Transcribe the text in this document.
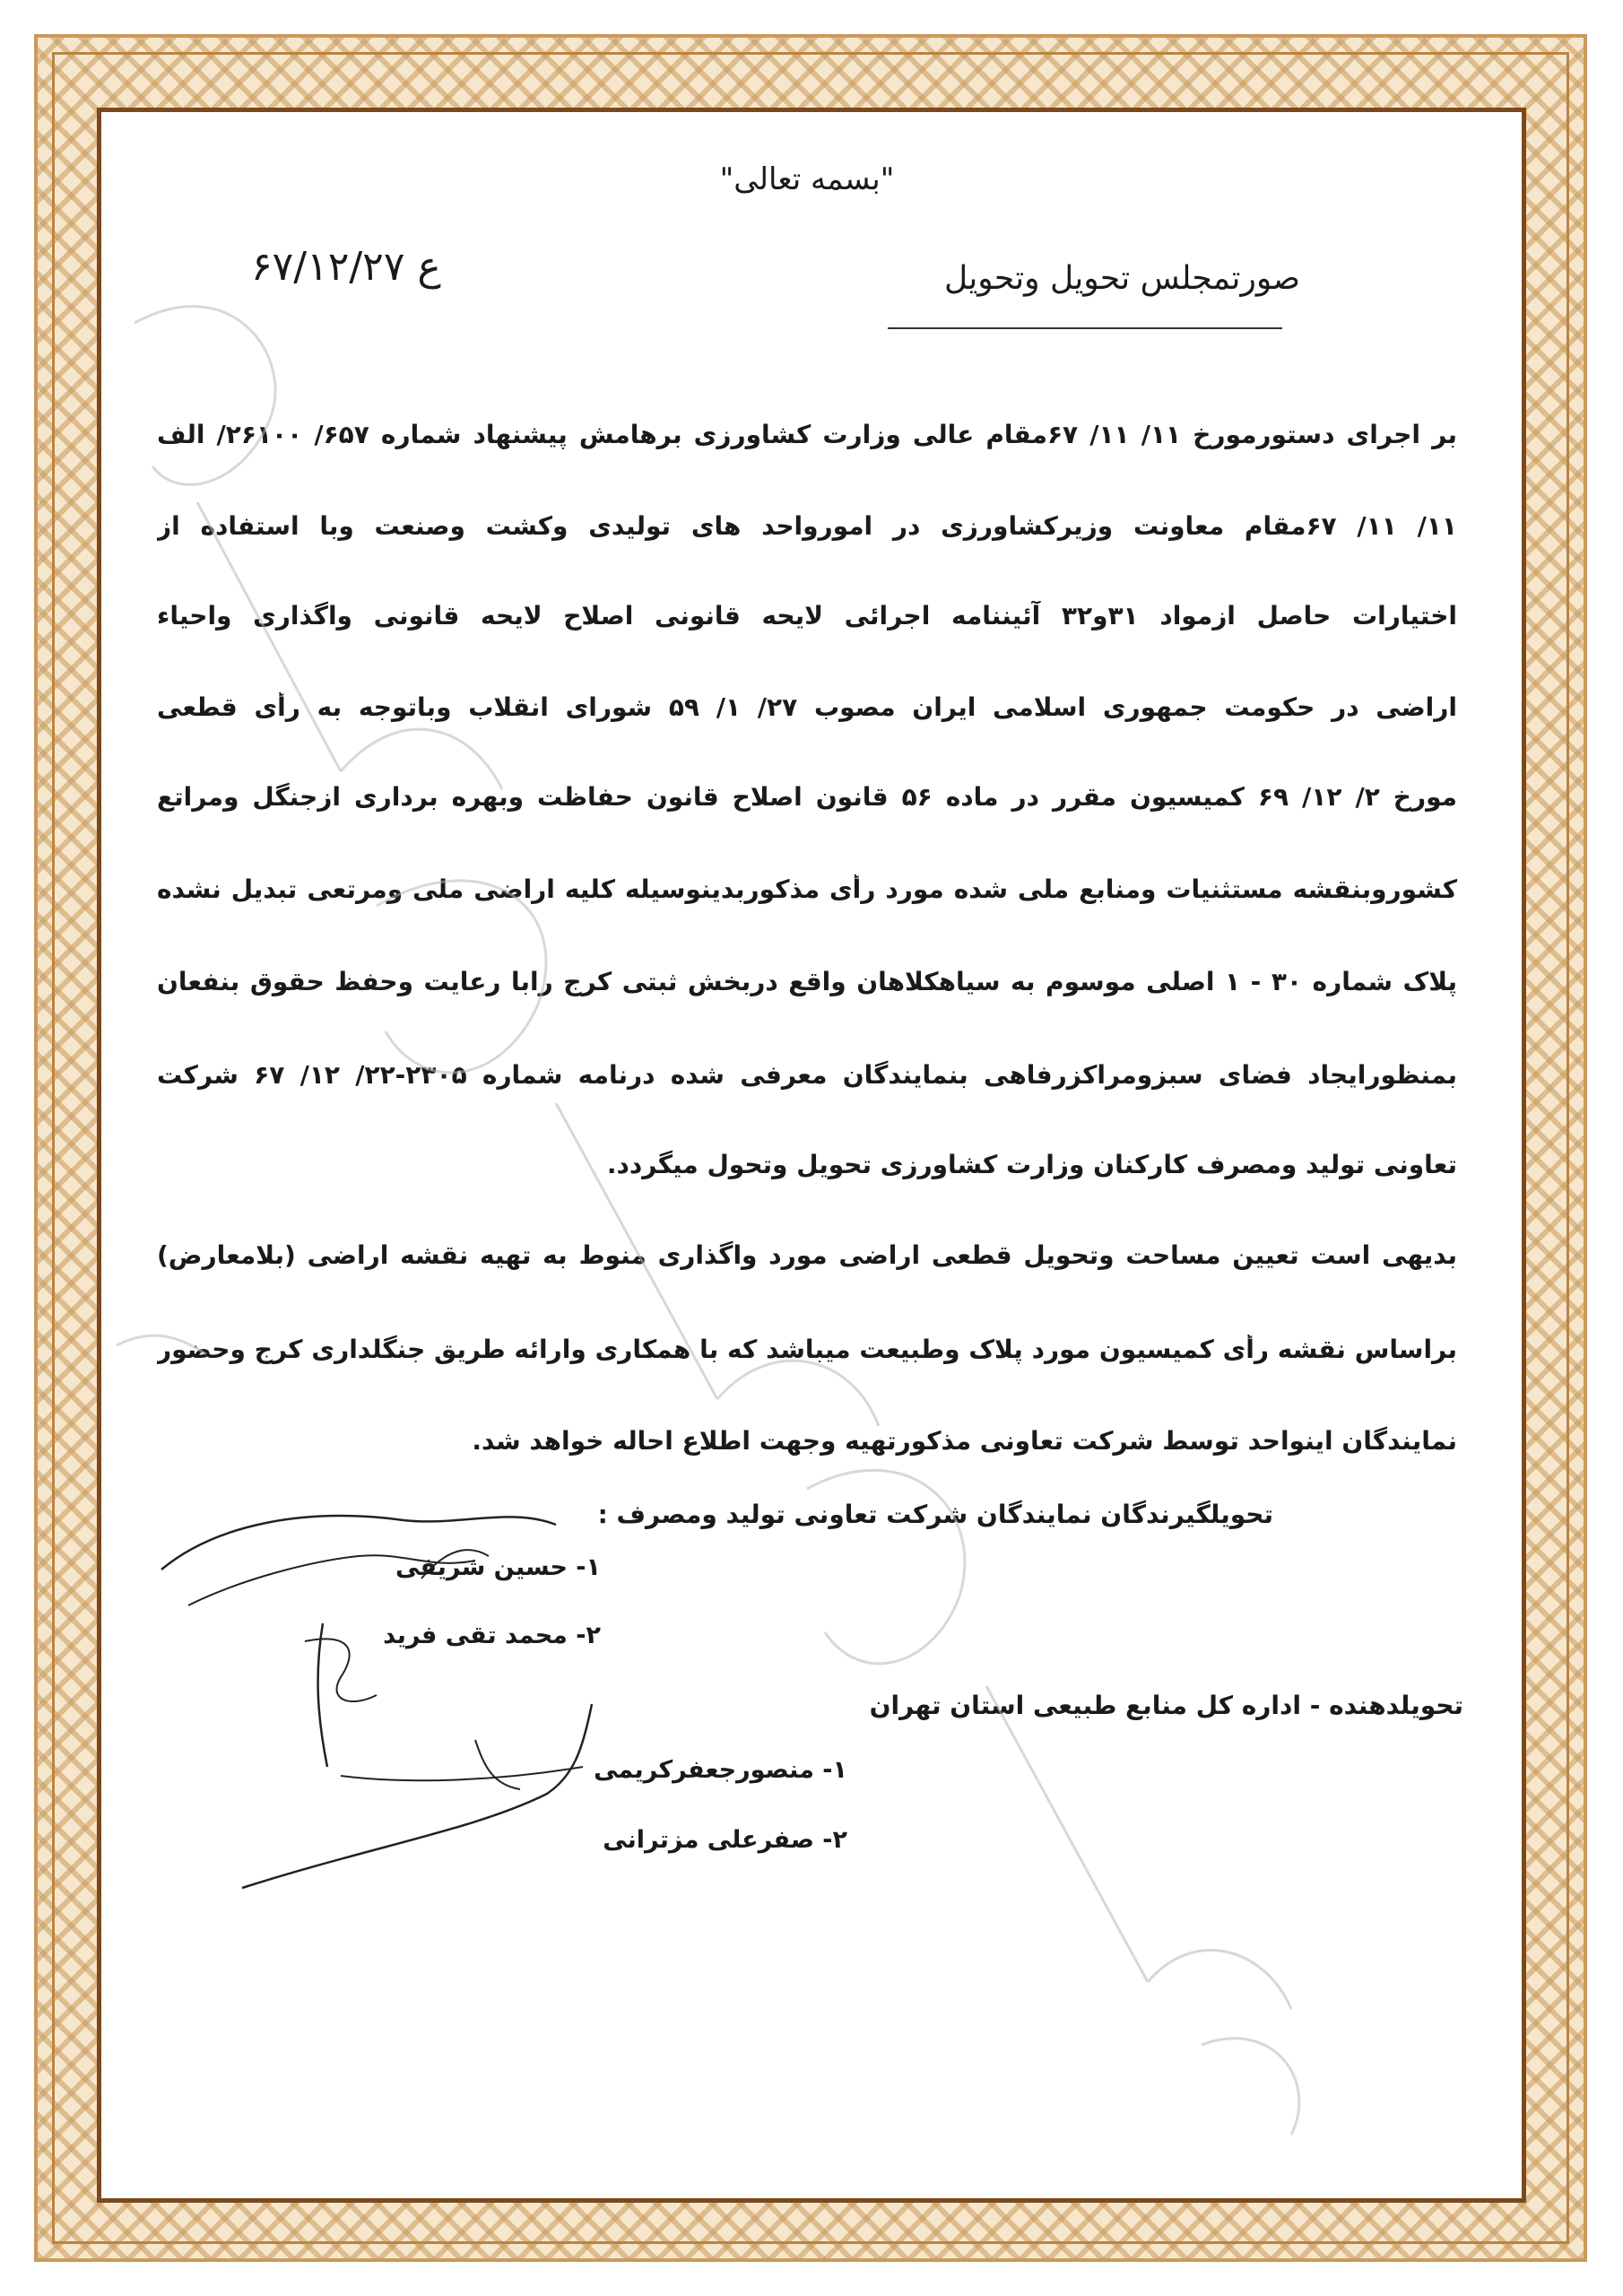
"بسمه تعالی"
ع ۶۷/۱۲/۲۷	صورتمجلس تحویل وتحویل
بر اجرای دستورمورخ ۱۱/ ۱۱/ ۶۷مقام عالی وزارت کشاورزی برهامش پیشنهاد شماره ۶۵۷/ ۲۶۱۰۰/ الف
۱۱/ ۱۱/ ۶۷مقام معاونت وزیرکشاورزی در امورواحد های تولیدی وکشت وصنعت وبا استفاده از
اختیارات حاصل ازمواد ۳۱و۳۲ آئیننامه اجرائی لایحه قانونی اصلاح لایحه قانونی واگذاری واحیاء
اراضی در حکومت جمهوری اسلامی ایران مصوب ۲۷/ ۱/ ۵۹ شورای انقلاب وباتوجه به رأی قطعی
مورخ ۲/ ۱۲/ ۶۹ کمیسیون مقرر در ماده ۵۶ قانون اصلاح قانون حفاظت وبهره برداری ازجنگل ومراتع
کشوروبنقشه مستثنیات ومنابع ملی شده مورد رأی مذکوربدینوسیله کلیه اراضی ملی ومرتعی تبدیل نشده
پلاک شماره ۳۰ - ۱ اصلی موسوم به سیاهکلاهان واقع دربخش ثبتی کرج رابا رعایت وحفظ حقوق بنفعان
بمنظورایجاد فضای سبزومراکزرفاهی بنمایندگان معرفی شده درنامه شماره ۲۳۰۵-۲۲/ ۱۲/ ۶۷ شرکت
تعاونی تولید ومصرف کارکنان وزارت کشاورزی تحویل وتحول میگردد.
بدیهی است تعیین مساحت وتحویل قطعی اراضی مورد واگذاری منوط به تهیه نقشه اراضی (بلامعارض)
براساس نقشه رأی کمیسیون مورد پلاک وطبیعت میباشد که با همکاری وارائه طریق جنگلداری کرج وحضور
نمایندگان اینواحد توسط شرکت تعاونی مذکورتهیه وجهت اطلاع احاله خواهد شد.
تحویلگیرندگان نمایندگان شرکت تعاونی تولید ومصرف :
۱- حسین شریفی
۲- محمد تقی فرید
تحویلدهنده - اداره کل منابع طبیعی استان تهران
۱- منصورجعفرکریمی
۲- صفرعلی مزترانی
